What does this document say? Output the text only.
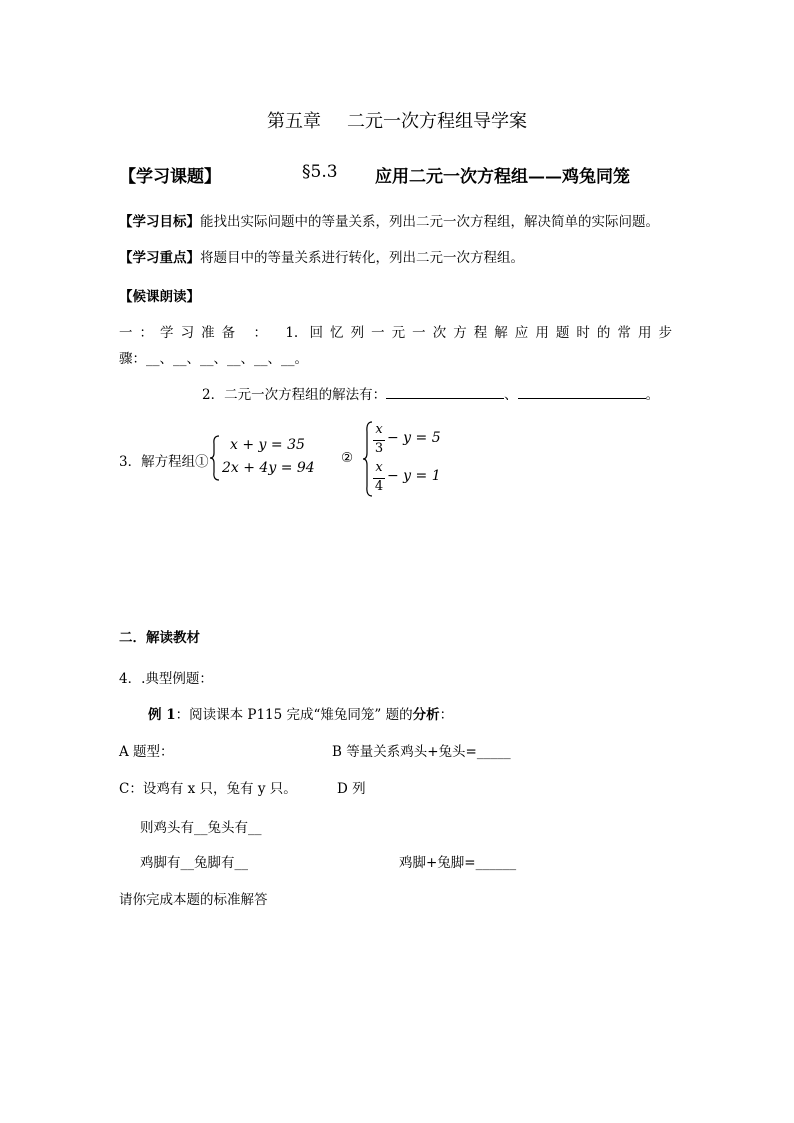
第五章 二元一次方程组导学案
【学习课题】	§5.3 应用二元一次方程组——鸡兔同笼
【学习目标】能找出实际问题中的等量关系，列出二元一次方程组，解决简单的实际问题。
【学习重点】将题目中的等量关系进行转化，列出二元一次方程组。
【候课朗读】
一：学习准备 ： 1. 回忆列一元一次方程解应用题时的常用步
骤：__、__、__、__、__、__。
2．二元一次方程组的解法有：	、	。
3．解方程组①
x + y = 35
2x + 4y = 94
②
x
3
− y = 5
x
4
− y = 1
二．解读教材
4．.典型例题：
例 1：阅读课本 P115 完成“雉兔同笼” 题的分析：
A 题型：	B 等量关系鸡头+兔头=_____
C：设鸡有 x 只，兔有 y 只。	D 列
则鸡头有__兔头有__
鸡脚有__兔脚有__	鸡脚+兔脚=______
请你完成本题的标准解答
